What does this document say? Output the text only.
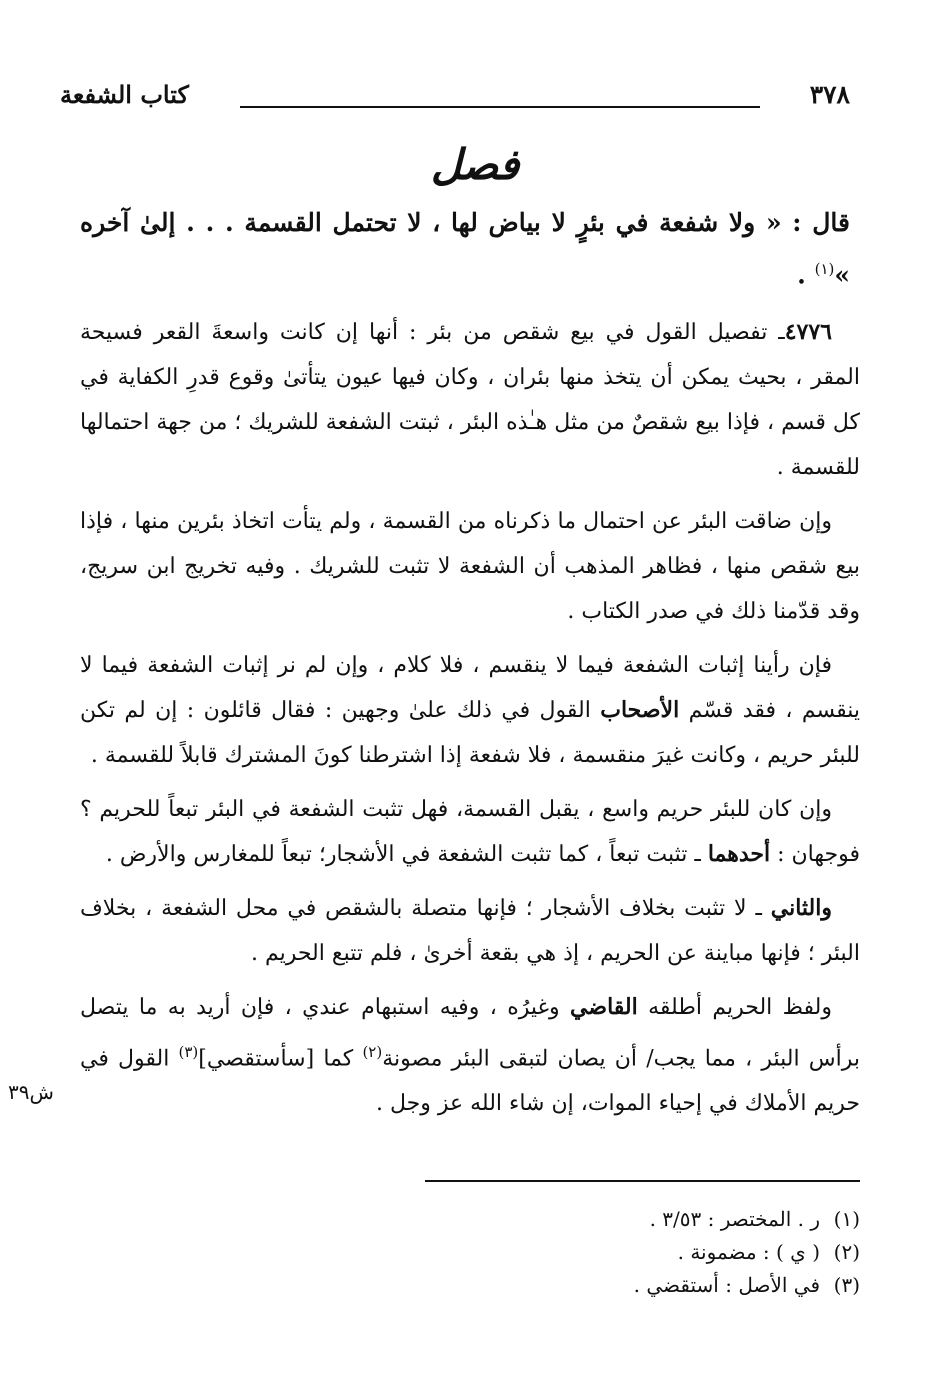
٣٧٨
كتاب الشفعة
فصل
قال : « ولا شفعة في بئرٍ لا بياض لها ، لا تحتمل القسمة . . . إلىٰ آخره »$^{(١)}$ .

٤٧٧٦ـ تفصيل القول في بيع شقص من بئر : أنها إن كانت واسعةَ القعر فسيحة المقر ، بحيث يمكن أن يتخذ منها بئران ، وكان فيها عيون يتأتىٰ وقوع قدرِ الكفاية في كل قسم ، فإذا بيع شقصٌ من مثل هـٰذه البئر ، ثبتت الشفعة للشريك ؛ من جهة احتمالها للقسمة .

وإن ضاقت البئر عن احتمال ما ذكرناه من القسمة ، ولم يتأت اتخاذ بئرين منها ، فإذا بيع شقص منها ، فظاهر المذهب أن الشفعة لا تثبت للشريك . وفيه تخريج ابن سريج، وقد قدّمنا ذلك في صدر الكتاب .

فإن رأينا إثبات الشفعة فيما لا ينقسم ، فلا كلام ، وإن لم نر إثبات الشفعة فيما لا ينقسم ، فقد قسّم الأصحاب القول في ذلك علىٰ وجهين : فقال قائلون : إن لم تكن للبئر حريم ، وكانت غيرَ منقسمة ، فلا شفعة إذا اشترطنا كونَ المشترك قابلاً للقسمة .

وإن كان للبئر حريم واسع ، يقبل القسمة، فهل تثبت الشفعة في البئر تبعاً للحريم ؟ فوجهان : أحدهما ـ تثبت تبعاً ، كما تثبت الشفعة في الأشجار؛ تبعاً للمغارس والأرض .

والثاني ـ لا تثبت بخلاف الأشجار ؛ فإنها متصلة بالشقص في محل الشفعة ، بخلاف البئر ؛ فإنها مباينة عن الحريم ، إذ هي بقعة أخرىٰ ، فلم تتبع الحريم .

ولفظ الحريم أطلقه القاضي وغيرُه ، وفيه استبهام عندي ، فإن أريد به ما يتصل برأس البئر ، مما يجب/ أن يصان لتبقى البئر مصونة$^{(٢)}$ كما [سأستقصي]$^{(٣)}$ القول في حريم الأملاك في إحياء الموات، إن شاء الله عز وجل .

ش٣٩
(١)ر . المختصر : ٣/٥٣ .
(٢)( ي ) : مضمونة .
(٣)في الأصل : أستقضي .
